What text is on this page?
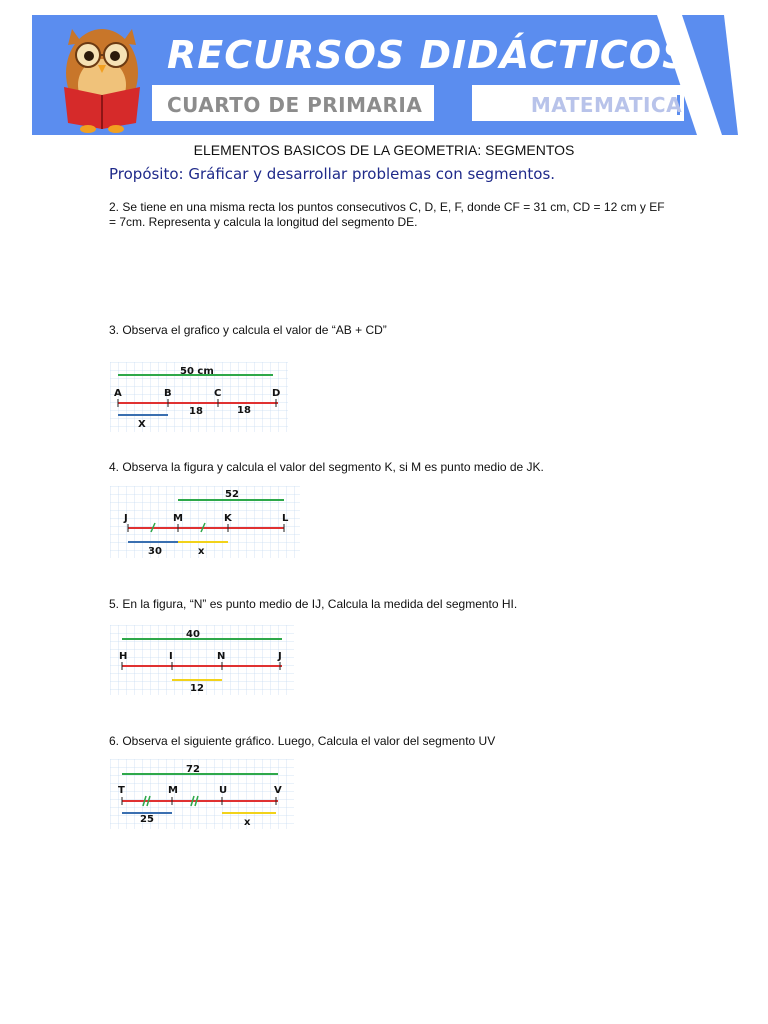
RECURSOS DIDÁCTICOS
CUARTO DE PRIMARIA	MATEMATICA
ELEMENTOS BASICOS DE LA GEOMETRIA: SEGMENTOS
Propósito: Gráficar y desarrollar problemas con segmentos.
2. Se tiene en una misma recta los puntos consecutivos C, D, E, F, donde CF = 31 cm, CD = 12 cm y EF = 7cm. Representa y calcula la longitud del segmento DE.
3. Observa el grafico y calcula el valor de “AB + CD”
4. Observa la figura y calcula el valor del segmento K, si M es punto medio de JK.
5. En la figura, “N” es punto medio de IJ, Calcula la medida del segmento HI.
6. Observa el siguiente gráfico. Luego, Calcula el valor del segmento UV
50 cm
A	B	C	D
18	18
X
52
J	M	K	L
30	x
40
H	I	N	J
12
72
T	M	U	V
25	x
